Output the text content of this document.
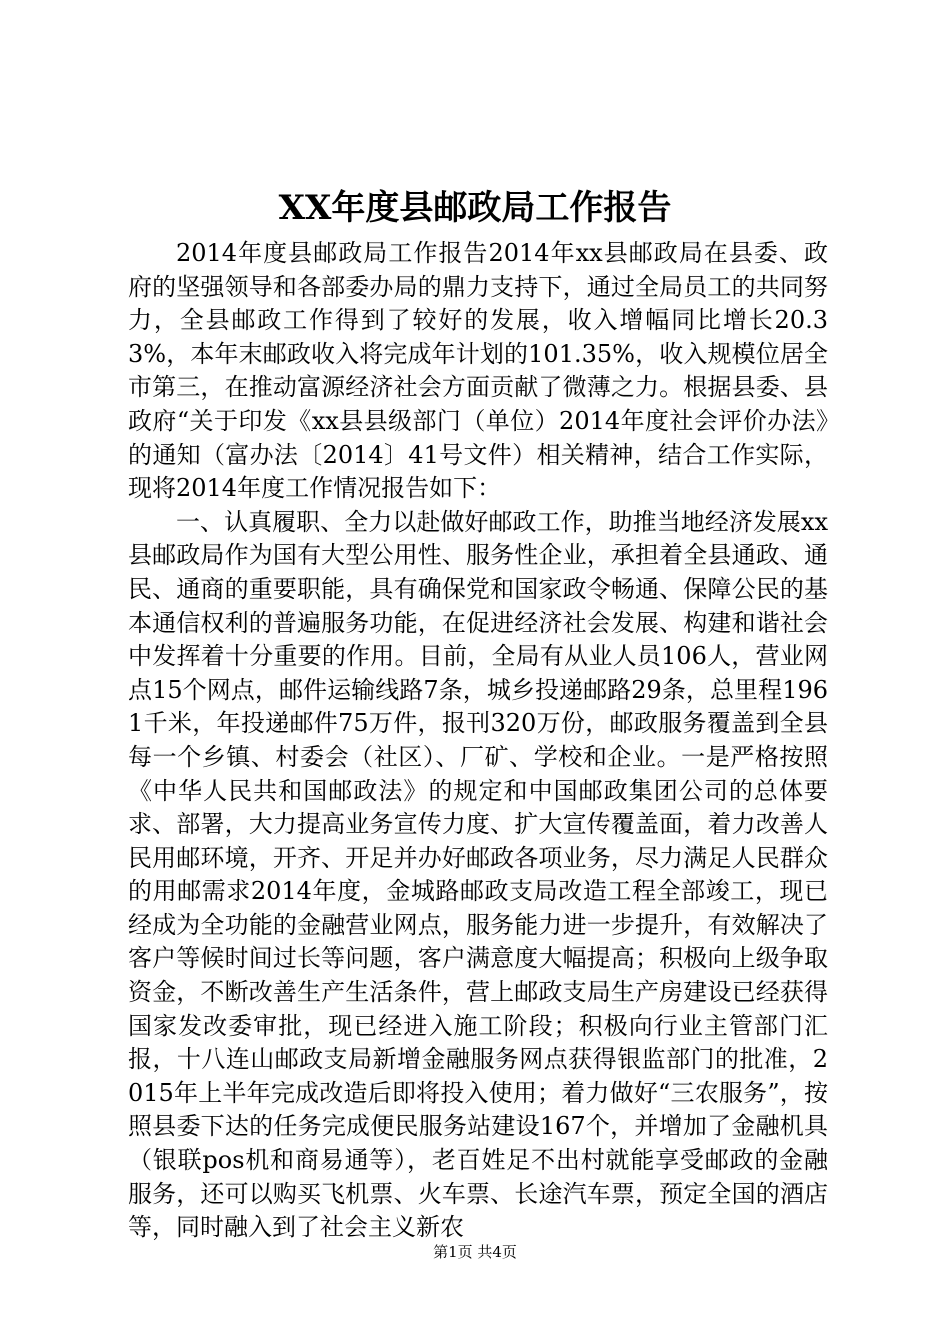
XX年度县邮政局工作报告

2014年度县邮政局工作报告2014年xx县邮政局在县委、政府的坚强领导和各部委办局的鼎力支持下，通过全局员工的共同努力，全县邮政工作得到了较好的发展，收入增幅同比增长20.33%，本年末邮政收入将完成年计划的101.35%，收入规模位居全市第三，在推动富源经济社会方面贡献了微薄之力。根据县委、县政府“关于印发《xx县县级部门（单位）2014年度社会评价办法》的通知（富办法〔2014〕41号文件）相关精神，结合工作实际，现将2014年度工作情况报告如下：

一、认真履职、全力以赴做好邮政工作，助推当地经济发展xx县邮政局作为国有大型公用性、服务性企业，承担着全县通政、通民、通商的重要职能，具有确保党和国家政令畅通、保障公民的基本通信权利的普遍服务功能，在促进经济社会发展、构建和谐社会中发挥着十分重要的作用。目前，全局有从业人员106人，营业网点15个网点，邮件运输线路7条，城乡投递邮路29条，总里程1961千米，年投递邮件75万件，报刊320万份，邮政服务覆盖到全县每一个乡镇、村委会（社区）、厂矿、学校和企业。一是严格按照《中华人民共和国邮政法》的规定和中国邮政集团公司的总体要求、部署，大力提高业务宣传力度、扩大宣传覆盖面，着力改善人民用邮环境，开齐、开足并办好邮政各项业务，尽力满足人民群众的用邮需求2014年度，金城路邮政支局改造工程全部竣工，现已经成为全功能的金融营业网点，服务能力进一步提升，有效解决了客户等候时间过长等问题，客户满意度大幅提高；积极向上级争取资金，不断改善生产生活条件，营上邮政支局生产房建设已经获得国家发改委审批，现已经进入施工阶段；积极向行业主管部门汇报，十八连山邮政支局新增金融服务网点获得银监部门的批准，2015年上半年完成改造后即将投入使用；着力做好“三农服务”，按照县委下达的任务完成便民服务站建设167个，并增加了金融机具（银联pos机和商易通等），老百姓足不出村就能享受邮政的金融服务，还可以购买飞机票、火车票、长途汽车票，预定全国的酒店等，同时融入到了社会主义新农

第1页 共4页
